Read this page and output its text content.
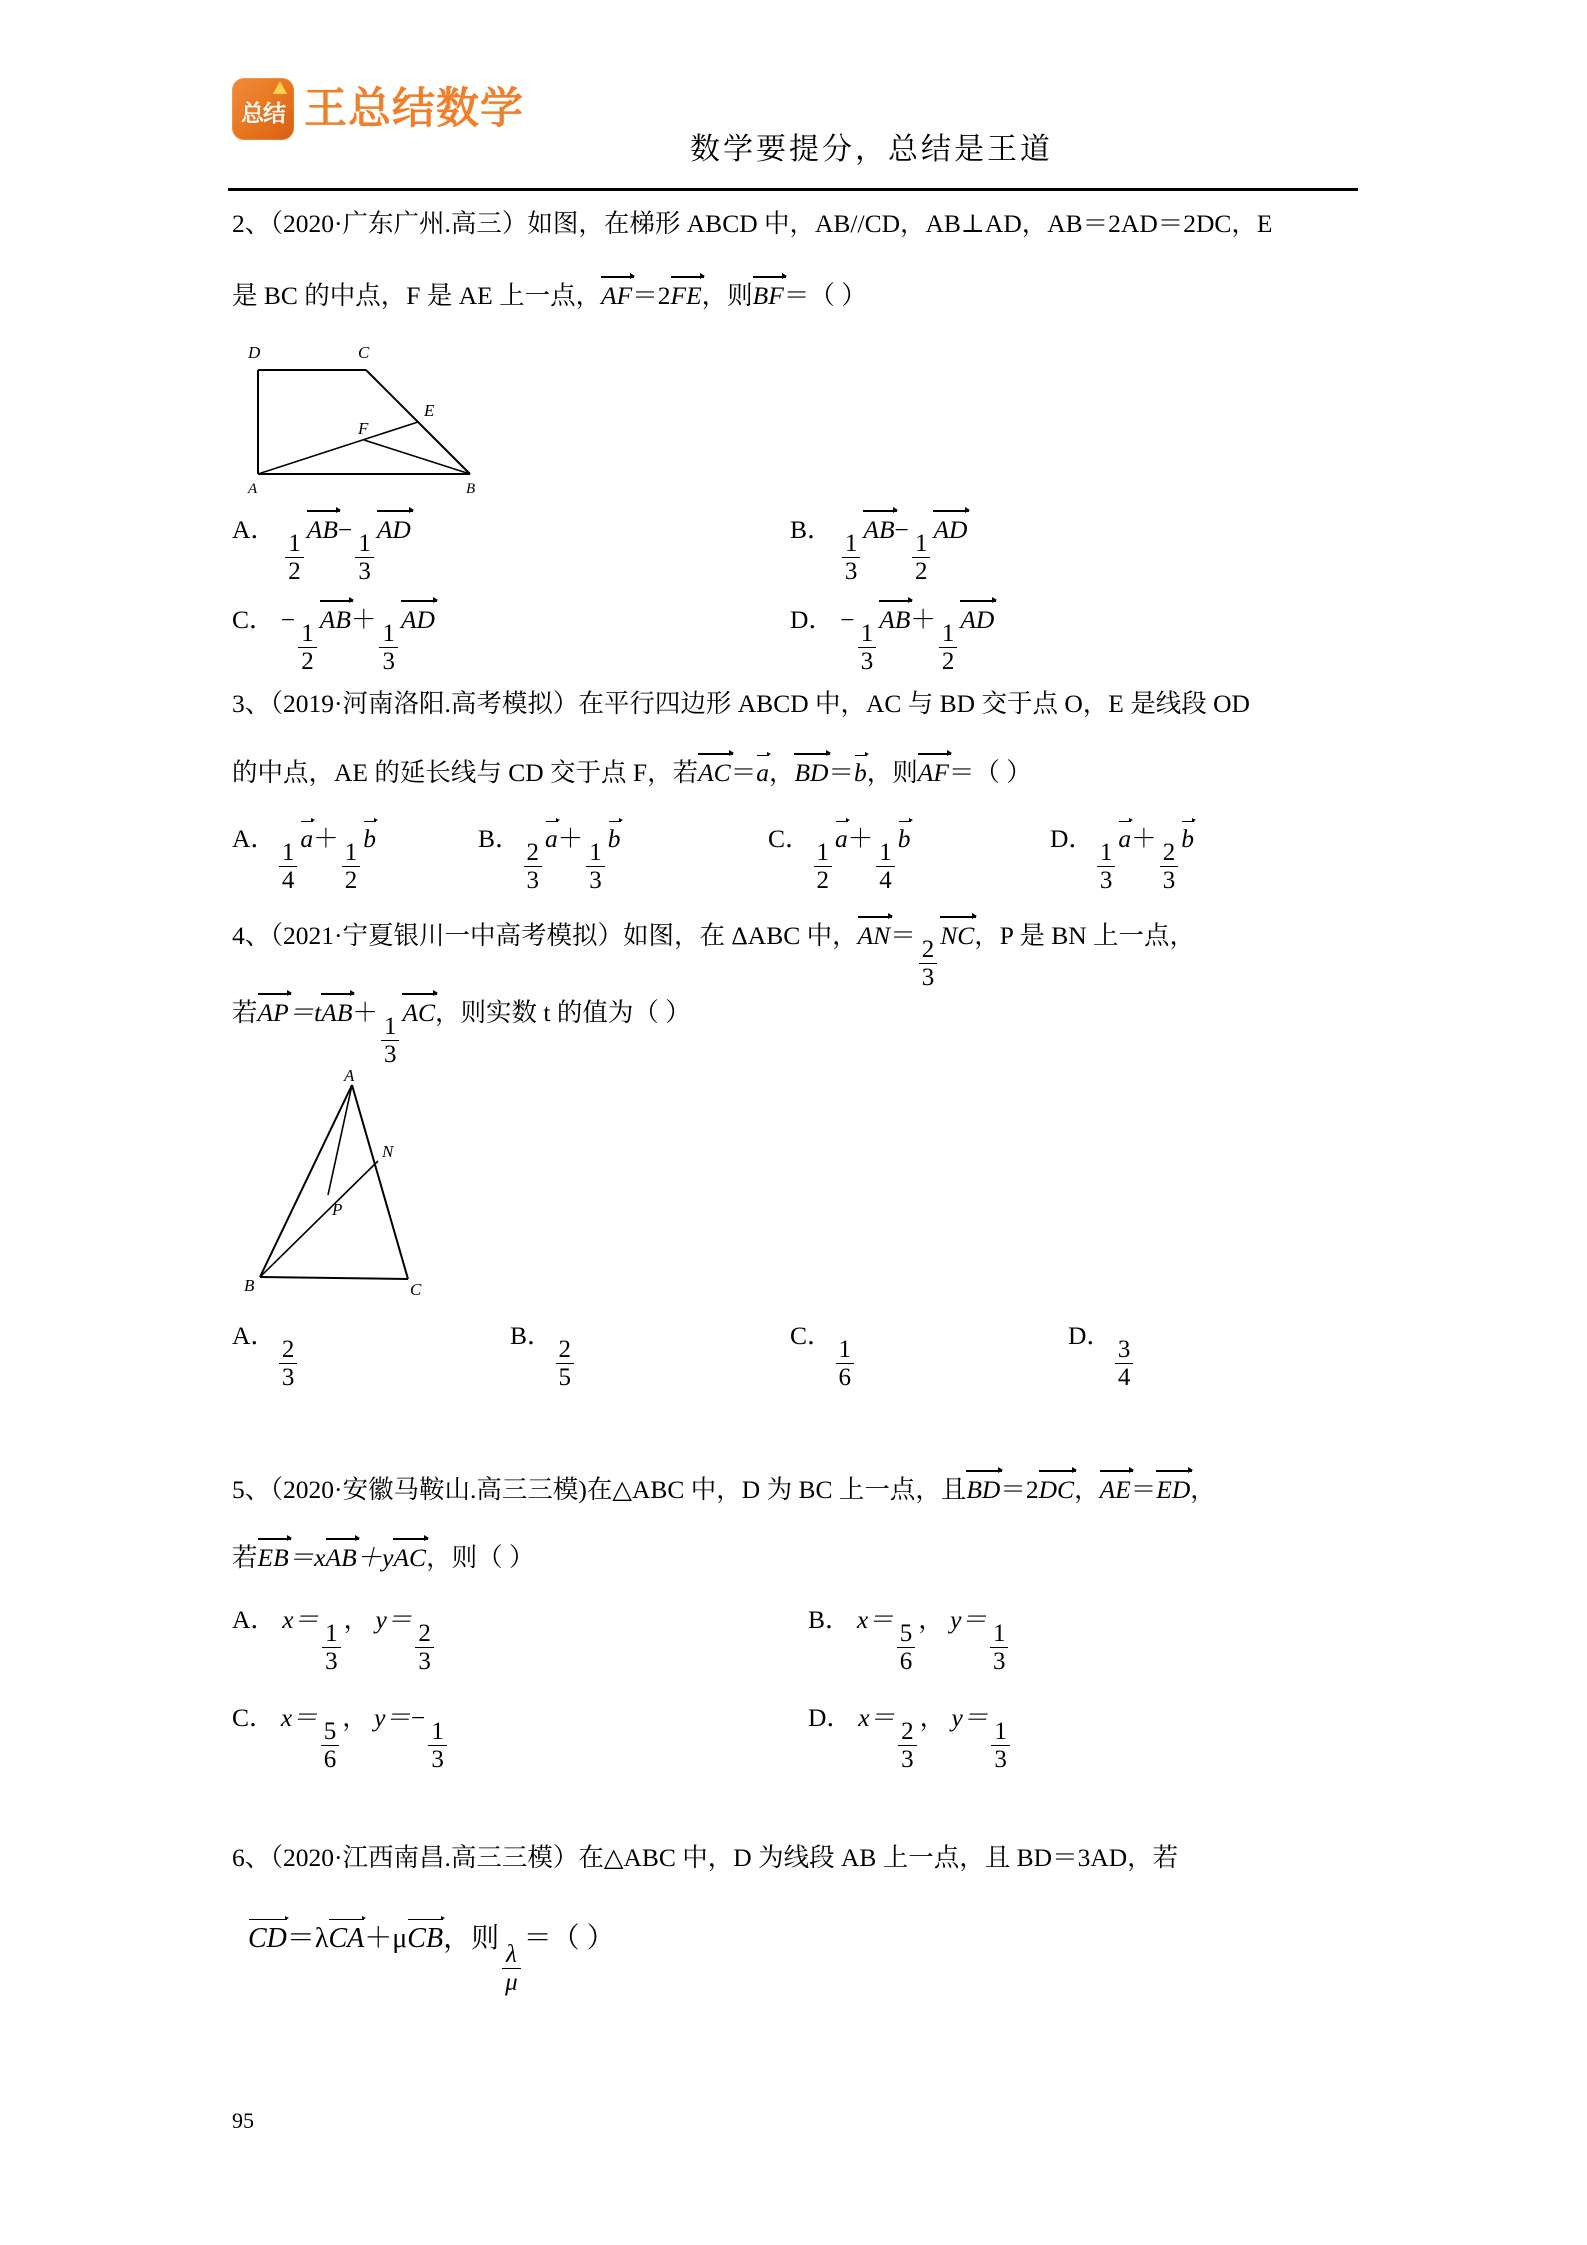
总结 王总结数学
数学要提分，总结是王道
2、（2020·广东广州.高三）如图，在梯形 ABCD 中，AB//CD，AB⊥AD，AB＝2AD＝2DC，E
是 BC 的中点，F 是 AE 上一点，AF＝2FE，则BF＝（ ）
D	C
E
F
A	B
A．
$\frac{1}{2}$
AB−
$\frac{1}{3}$
AD	B．
$\frac{1}{3}$
AB−
$\frac{1}{2}$
AD
C． −
$\frac{1}{2}$
AB＋
$\frac{1}{3}$
AD	D． −
$\frac{1}{3}$
AB＋
$\frac{1}{2}$
AD
3、（2019·河南洛阳.高考模拟）在平行四边形 ABCD 中，AC 与 BD 交于点 O，E 是线段 OD
的中点，AE 的延长线与 CD 交于点 F，若AC＝a，BD＝b，则AF＝（ ）
A．
$\frac{1}{4}$
a＋
$\frac{1}{2}$
b	B．
$\frac{2}{3}$
a＋
$\frac{1}{3}$
b	C．
$\frac{1}{2}$
a＋
$\frac{1}{4}$
b	D．
$\frac{1}{3}$
a＋
$\frac{2}{3}$
b
4、（2021·宁夏银川一中高考模拟）如图，在 ΔABC 中，AN＝
$\frac{2}{3}$
NC，P 是 BN 上一点，
若AP＝tAB＋
$\frac{1}{3}$
AC，则实数 t 的值为（ ）
A
N
P
B	C
A．
$\frac{2}{3}$
B．
$\frac{2}{5}$
C．
$\frac{1}{6}$
D．
$\frac{3}{4}$
5、（2020·安徽马鞍山.高三三模)在△ABC 中，D 为 BC 上一点，且BD＝2DC，AE＝ED，
若EB＝xAB＋yAC，则（ ）
A． x＝
$\frac{1}{3}$
， y＝
$\frac{2}{3}$
B． x＝
$\frac{5}{6}$
， y＝
$\frac{1}{3}$
C． x＝
$\frac{5}{6}$
， y＝−
$\frac{1}{3}$
D． x＝
$\frac{2}{3}$
， y＝
$\frac{1}{3}$
6、（2020·江西南昌.高三三模）在△ABC 中，D 为线段 AB 上一点，且 BD＝3AD，若
CD＝λCA＋μCB，则
$\frac{\lambda}{\mu}$
＝（ ）
95
